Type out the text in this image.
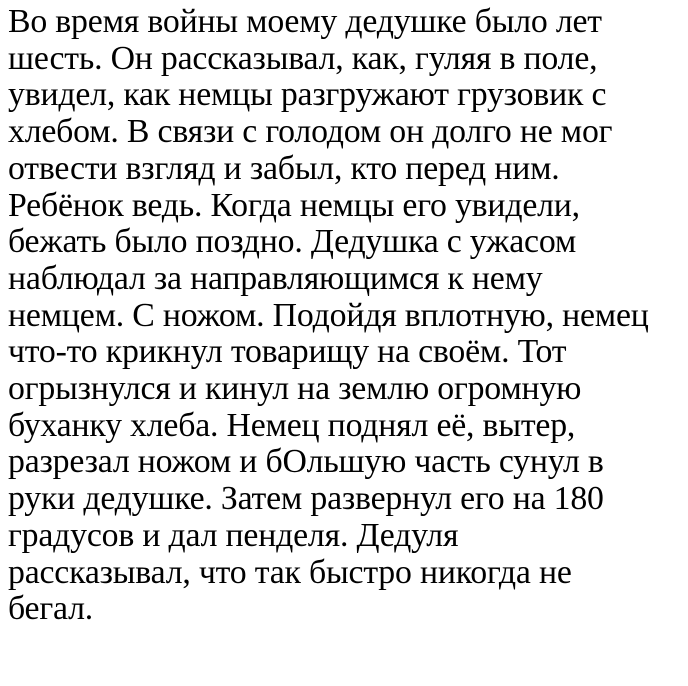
Во время войны моему дедушке было лет
шесть. Он рассказывал, как, гуляя в поле,
увидел, как немцы разгружают грузовик с
хлебом. В связи с голодом он долго не мог
отвести взгляд и забыл, кто перед ним.
Ребёнок ведь. Когда немцы его увидели,
бежать было поздно. Дедушка с ужасом
наблюдал за направляющимся к нему
немцем. С ножом. Подойдя вплотную, немец
что-то крикнул товарищу на своём. Тот
огрызнулся и кинул на землю огромную
буханку хлеба. Немец поднял её, вытер,
разрезал ножом и бОльшую часть сунул в
руки дедушке. Затем развернул его на 180
градусов и дал пенделя. Дедуля
рассказывал, что так быстро никогда не
бегал.
